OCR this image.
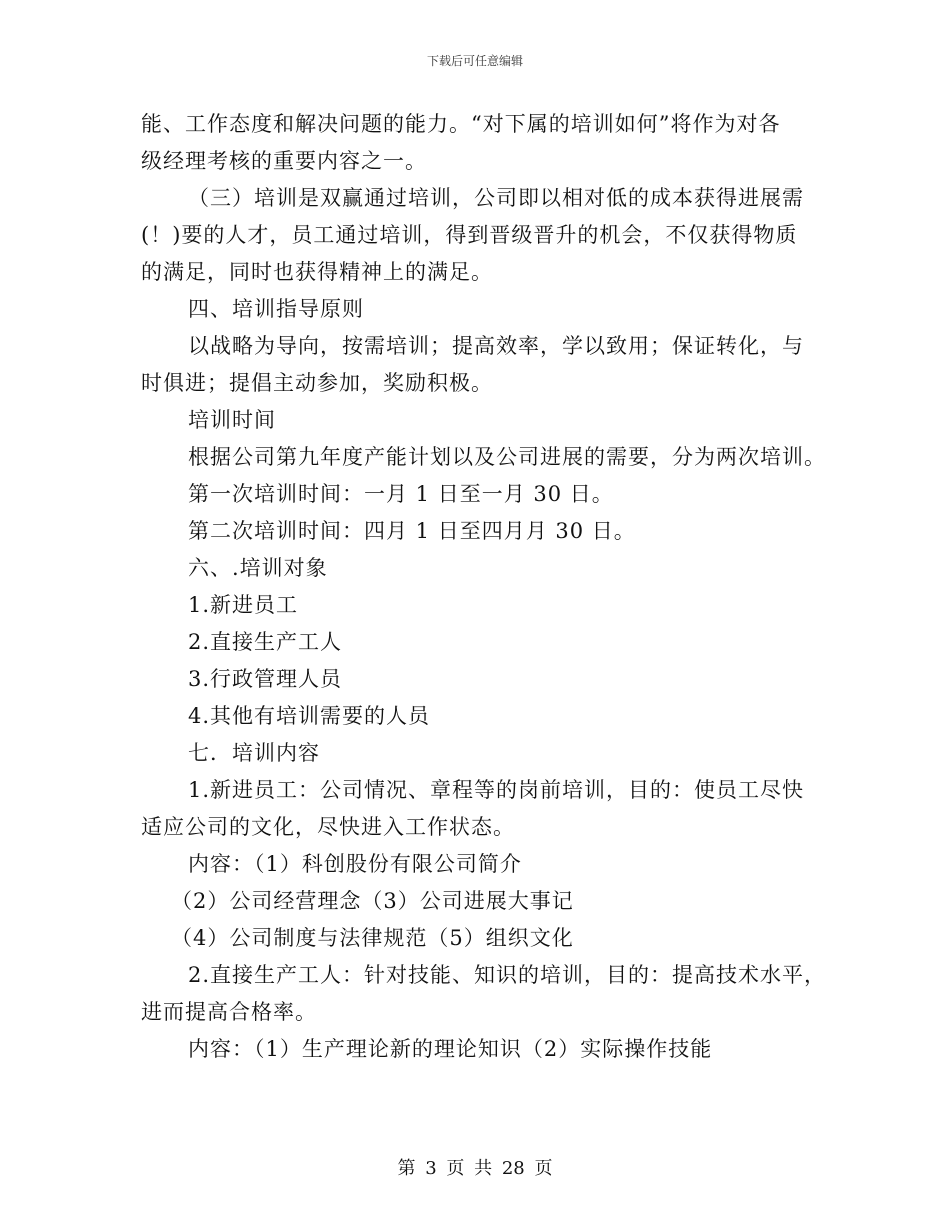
下载后可任意编辑
能、工作态度和解决问题的能力。“对下属的培训如何”将作为对各
级经理考核的重要内容之一。
（三）培训是双赢通过培训，公司即以相对低的成本获得进展需
(！)要的人才，员工通过培训，得到晋级晋升的机会，不仅获得物质
的满足，同时也获得精神上的满足。
四、培训指导原则
以战略为导向，按需培训；提高效率，学以致用；保证转化，与
时俱进；提倡主动参加，奖励积极。
培训时间
根据公司第九年度产能计划以及公司进展的需要，分为两次培训。
第一次培训时间：一月 1 日至一月 30 日。
第二次培训时间：四月 1 日至四月月 30 日。
六、.培训对象
1.新进员工
2.直接生产工人
3.行政管理人员
4.其他有培训需要的人员
七．培训内容
1.新进员工：公司情况、章程等的岗前培训，目的：使员工尽快
适应公司的文化，尽快进入工作状态。
内容：（1）科创股份有限公司简介
（2）公司经营理念（3）公司进展大事记
（4）公司制度与法律规范（5）组织文化
2.直接生产工人：针对技能、知识的培训，目的：提高技术水平，
进而提高合格率。
内容：（1）生产理论新的理论知识（2）实际操作技能
第 3 页 共 28 页
